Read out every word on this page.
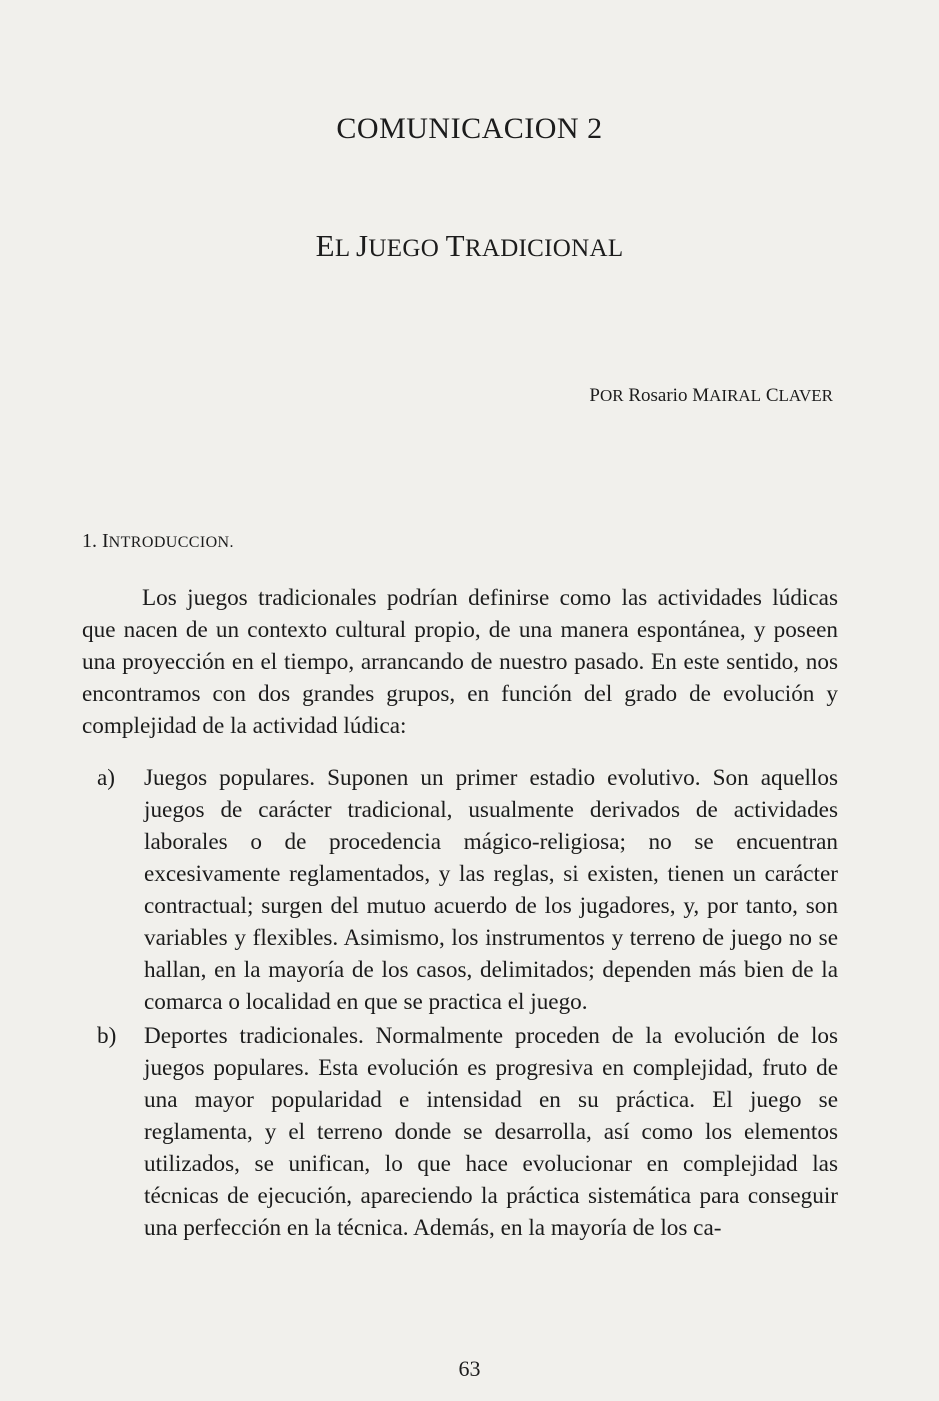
COMUNICACION 2
EL JUEGO TRADICIONAL
POR Rosario MAIRAL CLAVER
1. INTRODUCCION.

Los juegos tradicionales podrían definirse como las actividades lúdicas que nacen de un contexto cultural propio, de una manera espontánea, y poseen una proyección en el tiempo, arrancando de nuestro pasado. En este sentido, nos encontramos con dos grandes grupos, en función del grado de evolución y complejidad de la actividad lúdica:

a) Juegos populares. Suponen un primer estadio evolutivo. Son aquellos juegos de carácter tradicional, usualmente derivados de actividades laborales o de procedencia mágico-religiosa; no se encuentran excesivamente reglamentados, y las reglas, si existen, tienen un carácter contractual; surgen del mutuo acuerdo de los jugadores, y, por tanto, son variables y flexibles. Asimismo, los instrumentos y terreno de juego no se hallan, en la mayoría de los casos, delimitados; dependen más bien de la comarca o localidad en que se practica el juego.

b) Deportes tradicionales. Normalmente proceden de la evolución de los juegos populares. Esta evolución es progresiva en complejidad, fruto de una mayor popularidad e intensidad en su práctica. El juego se reglamenta, y el terreno donde se desarrolla, así como los elementos utilizados, se unifican, lo que hace evolucionar en complejidad las técnicas de ejecución, apareciendo la práctica sistemática para conseguir una perfección en la técnica. Además, en la mayoría de los ca-

63
